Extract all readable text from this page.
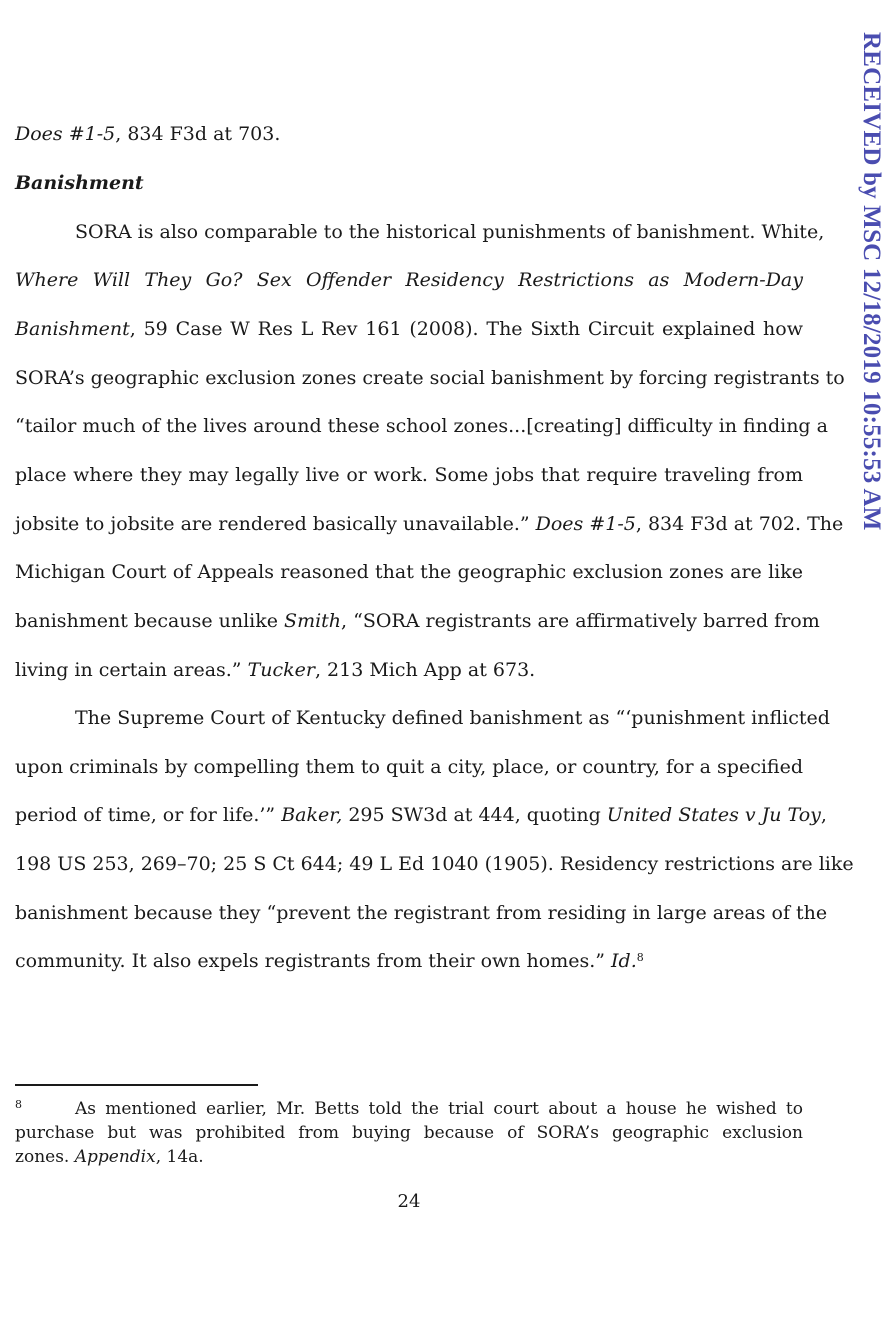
RECEIVED by MSC 12/18/2019 10:55:53 AM
Does #1-5, 834 F3d at 703.
Banishment
SORA is also comparable to the historical punishments of banishment. White,
Where Will They Go? Sex Offender Residency Restrictions as Modern-Day
Banishment, 59 Case W Res L Rev 161 (2008). The Sixth Circuit explained how
SORA’s geographic exclusion zones create social banishment by forcing registrants to
“tailor much of the lives around these school zones...[creating] difficulty in finding a
place where they may legally live or work. Some jobs that require traveling from
jobsite to jobsite are rendered basically unavailable.” Does #1-5, 834 F3d at 702. The
Michigan Court of Appeals reasoned that the geographic exclusion zones are like
banishment because unlike Smith, “SORA registrants are affirmatively barred from
living in certain areas.” Tucker, 213 Mich App at 673.
The Supreme Court of Kentucky defined banishment as “‘punishment inflicted
upon criminals by compelling them to quit a city, place, or country, for a specified
period of time, or for life.’” Baker, 295 SW3d at 444, quoting United States v Ju Toy,
198 US 253, 269–70; 25 S Ct 644; 49 L Ed 1040 (1905). Residency restrictions are like
banishment because they “prevent the registrant from residing in large areas of the
community. It also expels registrants from their own homes.” Id.$^8$
$^8$	As mentioned earlier, Mr. Betts told the trial court about a house he wished to
purchase but was prohibited from buying because of SORA’s geographic exclusion
zones. Appendix, 14a.
24
